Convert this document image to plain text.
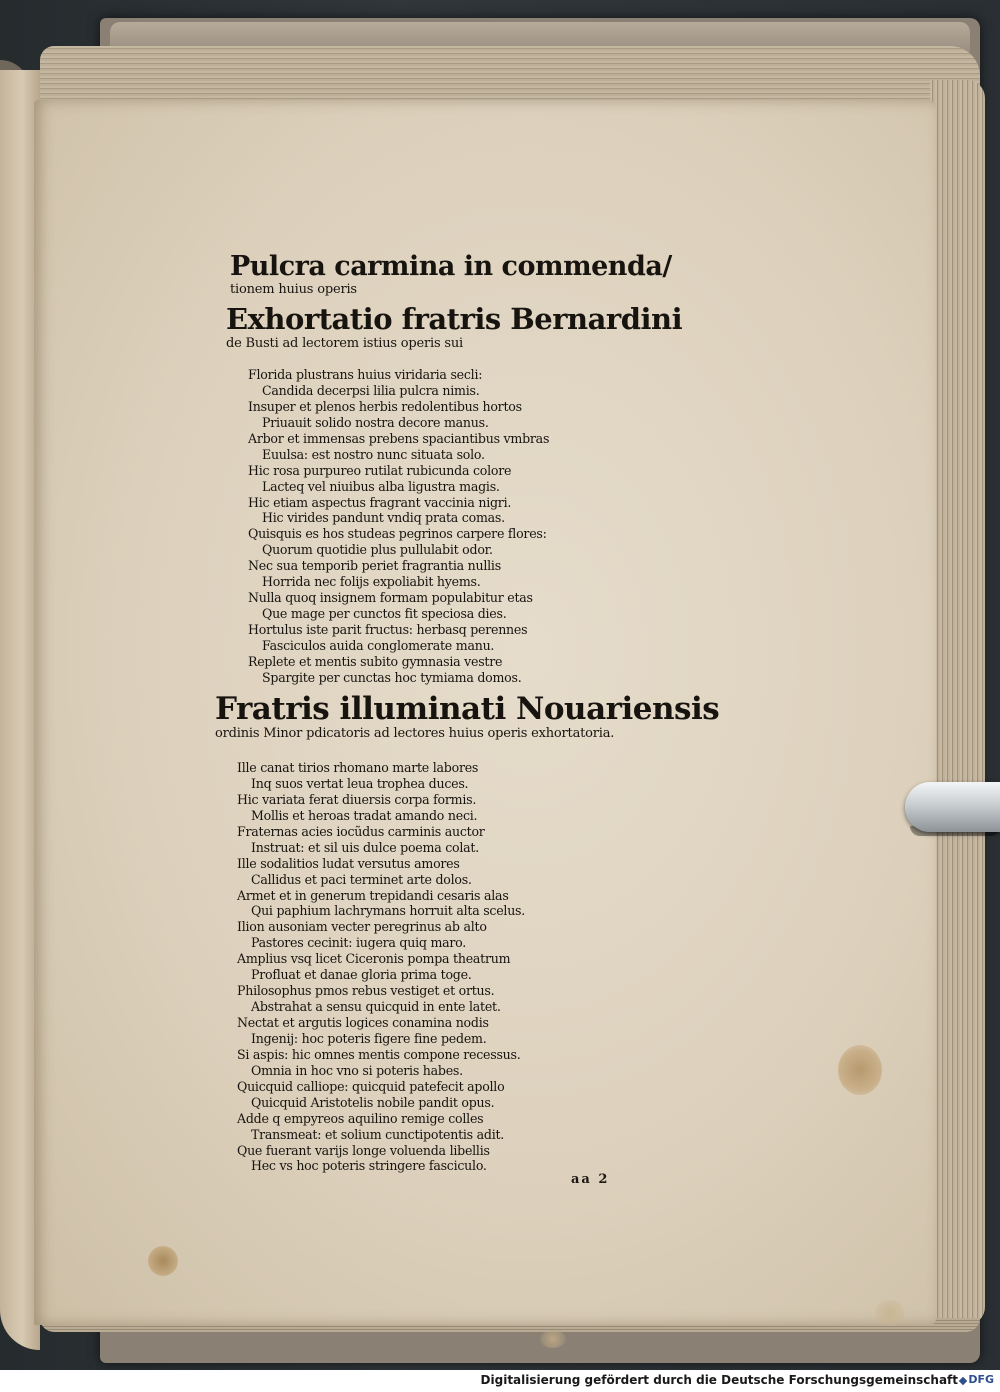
Pulcra carmina in commenda/
tionem huius operis
Exhortatio fratris Bernardini
de Busti ad lectorem istius operis sui
Florida plustrans huius viridaria secli:
Candida decerpsi lilia pulcra nimis.
Insuper et plenos herbis redolentibus hortos
Priuauit solido nostra decore manus.
Arbor et immensas prebens spaciantibus vmbras
Euulsa: est nostro nunc situata solo.
Hic rosa purpureo rutilat rubicunda colore
Lacteq vel niuibus alba ligustra magis.
Hic etiam aspectus fragrant vaccinia nigri.
Hic virides pandunt vndiq prata comas.
Quisquis es hos studeas pegrinos carpere flores:
Quorum quotidie plus pullulabit odor.
Nec sua temporib periet fragrantia nullis
Horrida nec folijs expoliabit hyems.
Nulla quoq insignem formam populabitur etas
Que mage per cunctos fit speciosa dies.
Hortulus iste parit fructus: herbasq perennes
Fasciculos auida conglomerate manu.
Replete et mentis subito gymnasia vestre
Spargite per cunctas hoc tymiama domos.
Fratris illuminati Nouariensis
ordinis Minor pdicatoris ad lectores huius operis exhortatoria.
Ille canat tirios rhomano marte labores
Inq suos vertat leua tropheа duces.
Hic variata ferat diuersis corpa formis.
Mollis et heroas tradat amando neci.
Fraternas acies iocũdus carminis auctor
Instruat: et sil uis dulce poema colat.
Ille sodalitios ludat versutus amores
Callidus et paci terminet arte dolos.
Armet et in generum trepidandi cesaris alas
Qui paphium lachrymans horruit alta scelus.
Ilion ausoniam vecter peregrinus ab alto
Pastores cecinit: iugera quiq maro.
Amplius vsq licet Ciceronis pompa theatrum
Profluat et danae gloria prima toge.
Philosophus pmos rebus vestiget et ortus.
Abstrahat a sensu quicquid in ente latet.
Nectat et argutis logices conamina nodis
Ingenij: hoc poteris figere fine pedem.
Si aspis: hic omnes mentis compone recessus.
Omnia in hoc vno si poteris habes.
Quicquid calliope: quicquid patefecit apollo
Quicquid Aristotelis nobile pandit opus.
Adde q empyreos aquilino remige colles
Transmeat: et solium cunctipotentis adit.
Que fuerant varijs longe voluenda libellis
Hec vs hoc poteris stringere fasciculo.
aa 2
Digitalisierung gefördert durch die Deutsche Forschungsgemeinschaft DFG
